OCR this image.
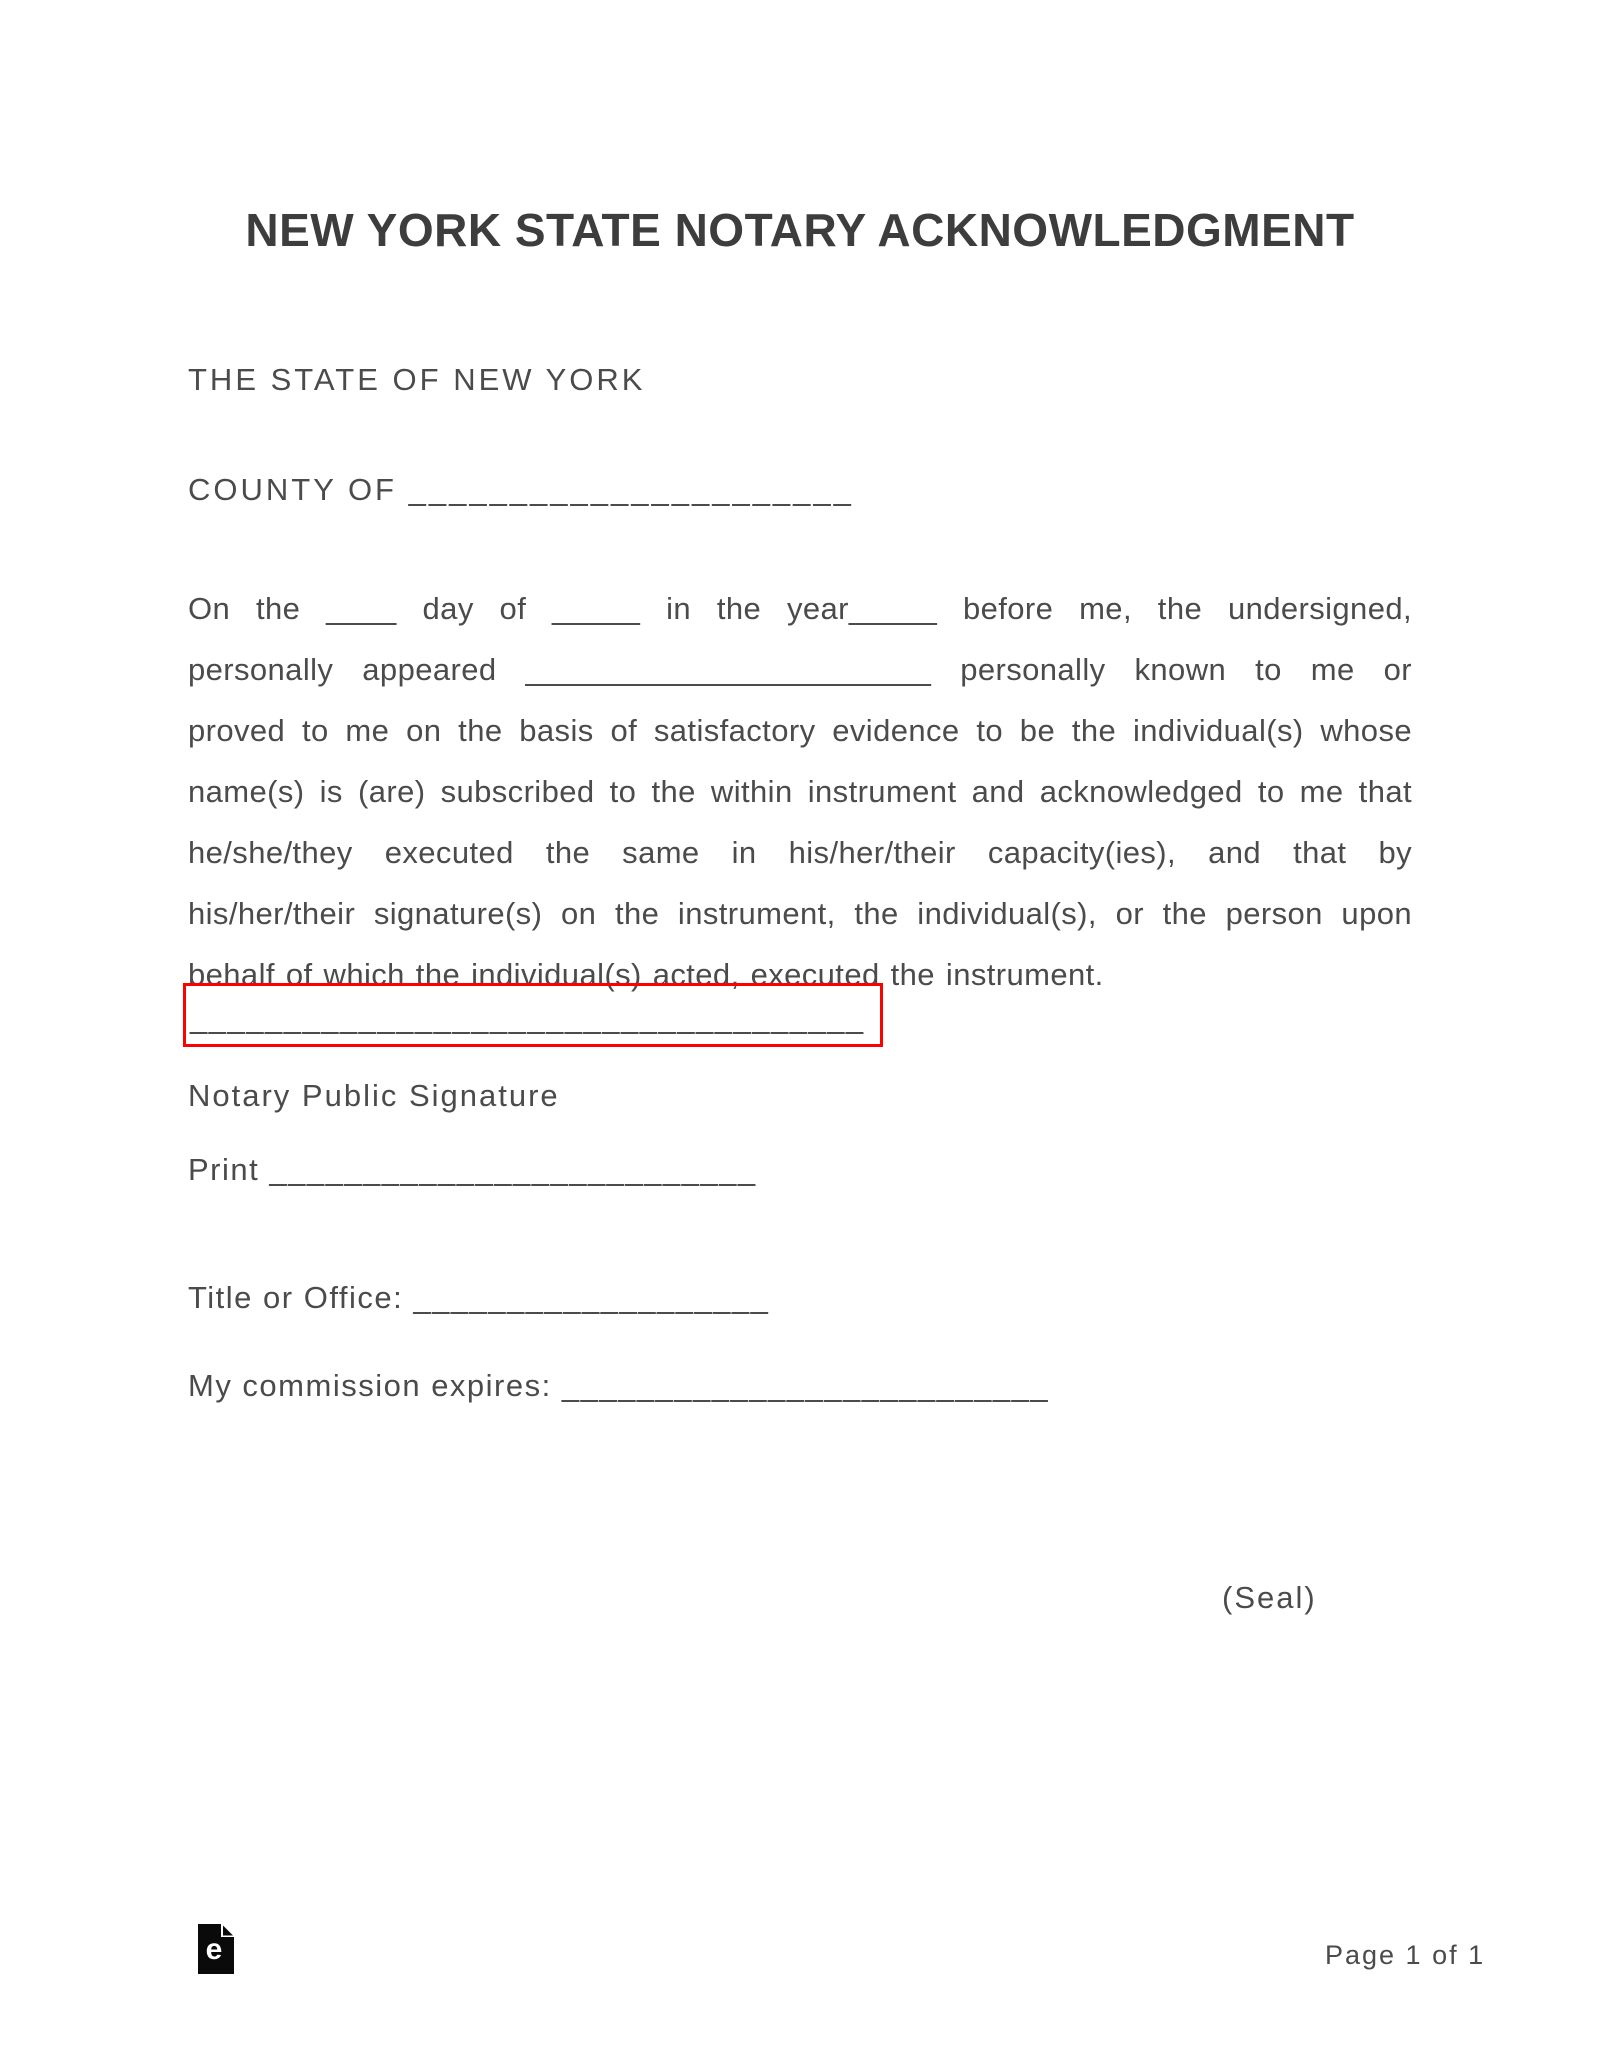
NEW YORK STATE NOTARY ACKNOWLEDGMENT
THE STATE OF NEW YORK
COUNTY OF ______________________
On the ____ day of _____ in the year_____ before me, the undersigned,
personally appeared _______________________ personally known to me or
proved to me on the basis of satisfactory evidence to be the individual(s) whose
name(s) is (are) subscribed to the within instrument and acknowledged to me that
he/she/they executed the same in his/her/their capacity(ies), and that by
his/her/their signature(s) on the instrument, the individual(s), or the person upon
behalf of which the individual(s) acted, executed the instrument.
____________________________________
Notary Public Signature
Print __________________________
Title or Office: ___________________
My commission expires: __________________________
(Seal)
e	Page 1 of 1
